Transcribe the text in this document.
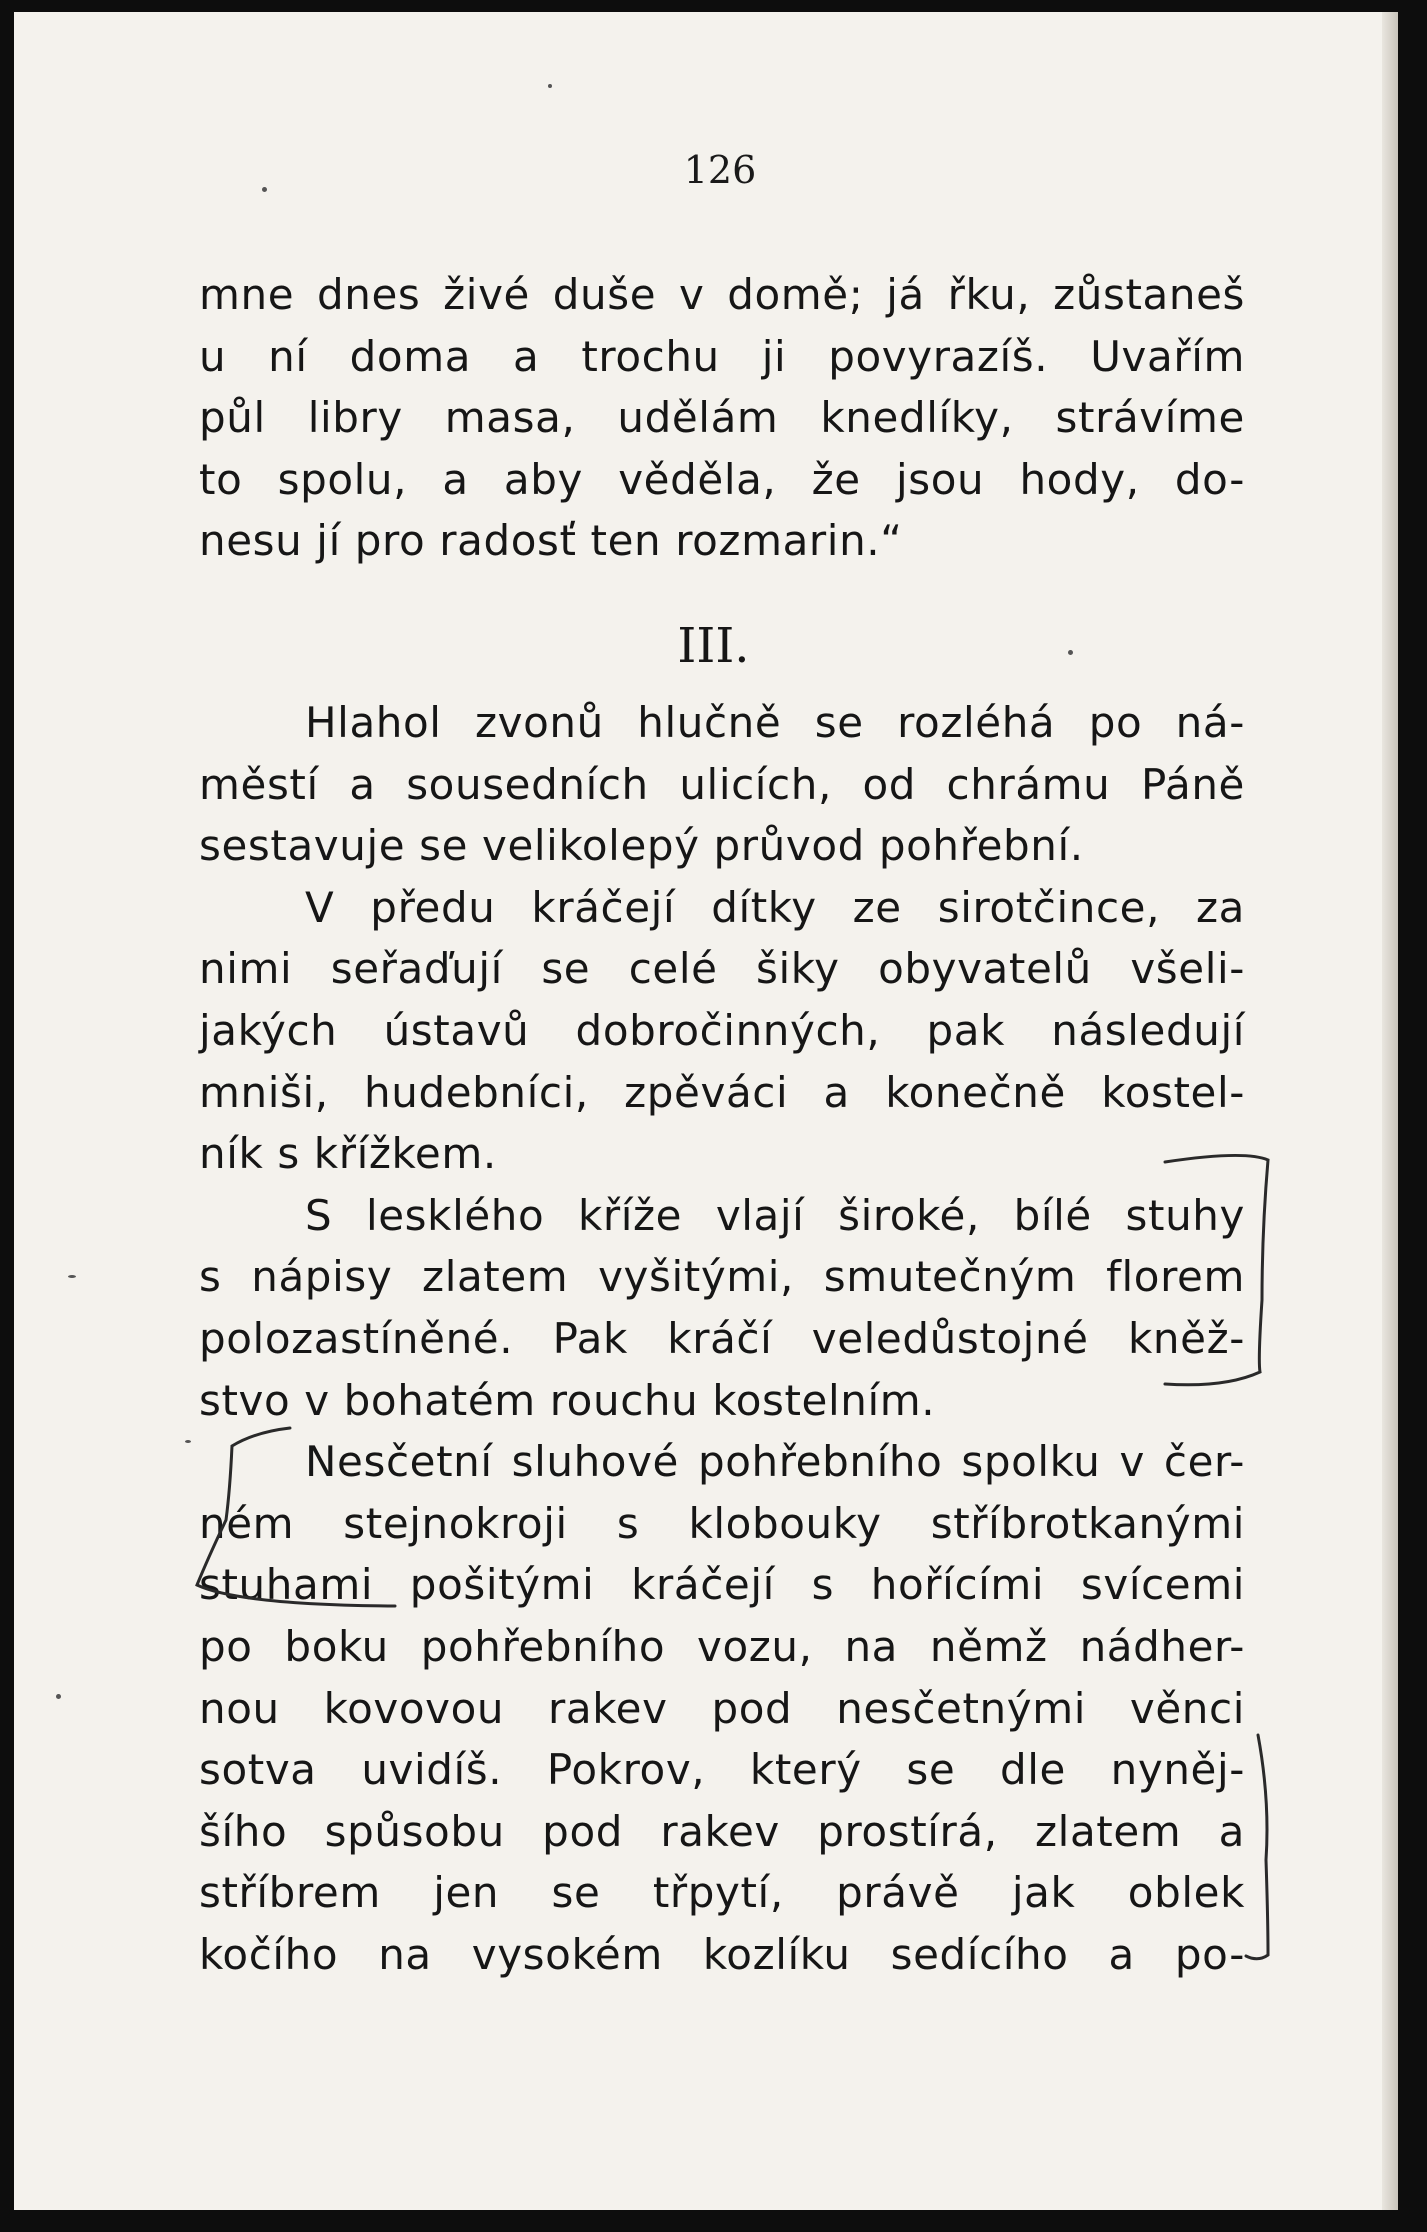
126

mne dnes živé duše v domě; já řku, zůstaneš

u ní doma a trochu ji povyrazíš. Uvařím

půl libry masa, udělám knedlíky, strávíme

to spolu, a aby věděla, že jsou hody, do-

nesu jí pro radosť ten rozmarin.“

III.

Hlahol zvonů hlučně se rozléhá po ná-

městí a sousedních ulicích, od chrámu Páně

sestavuje se velikolepý průvod pohřební.

V předu kráčejí dítky ze sirotčince, za

nimi seřaďují se celé šiky obyvatelů všeli-

jakých ústavů dobročinných, pak následují

mniši, hudebníci, zpěváci a konečně kostel-

ník s křížkem.

S lesklého kříže vlají široké, bílé stuhy

s nápisy zlatem vyšitými, smutečným florem

polozastíněné. Pak kráčí veledůstojné kněž-

stvo v bohatém rouchu kostelním.

Nesčetní sluhové pohřebního spolku v čer-

ném stejnokroji s klobouky stříbrotkanými

stuhami pošitými kráčejí s hořícími svícemi

po boku pohřebního vozu, na němž nádher-

nou kovovou rakev pod nesčetnými věnci

sotva uvidíš. Pokrov, který se dle nyněj-

šího spůsobu pod rakev prostírá, zlatem a

stříbrem jen se třpytí, právě jak oblek

kočího na vysokém kozlíku sedícího a po-
